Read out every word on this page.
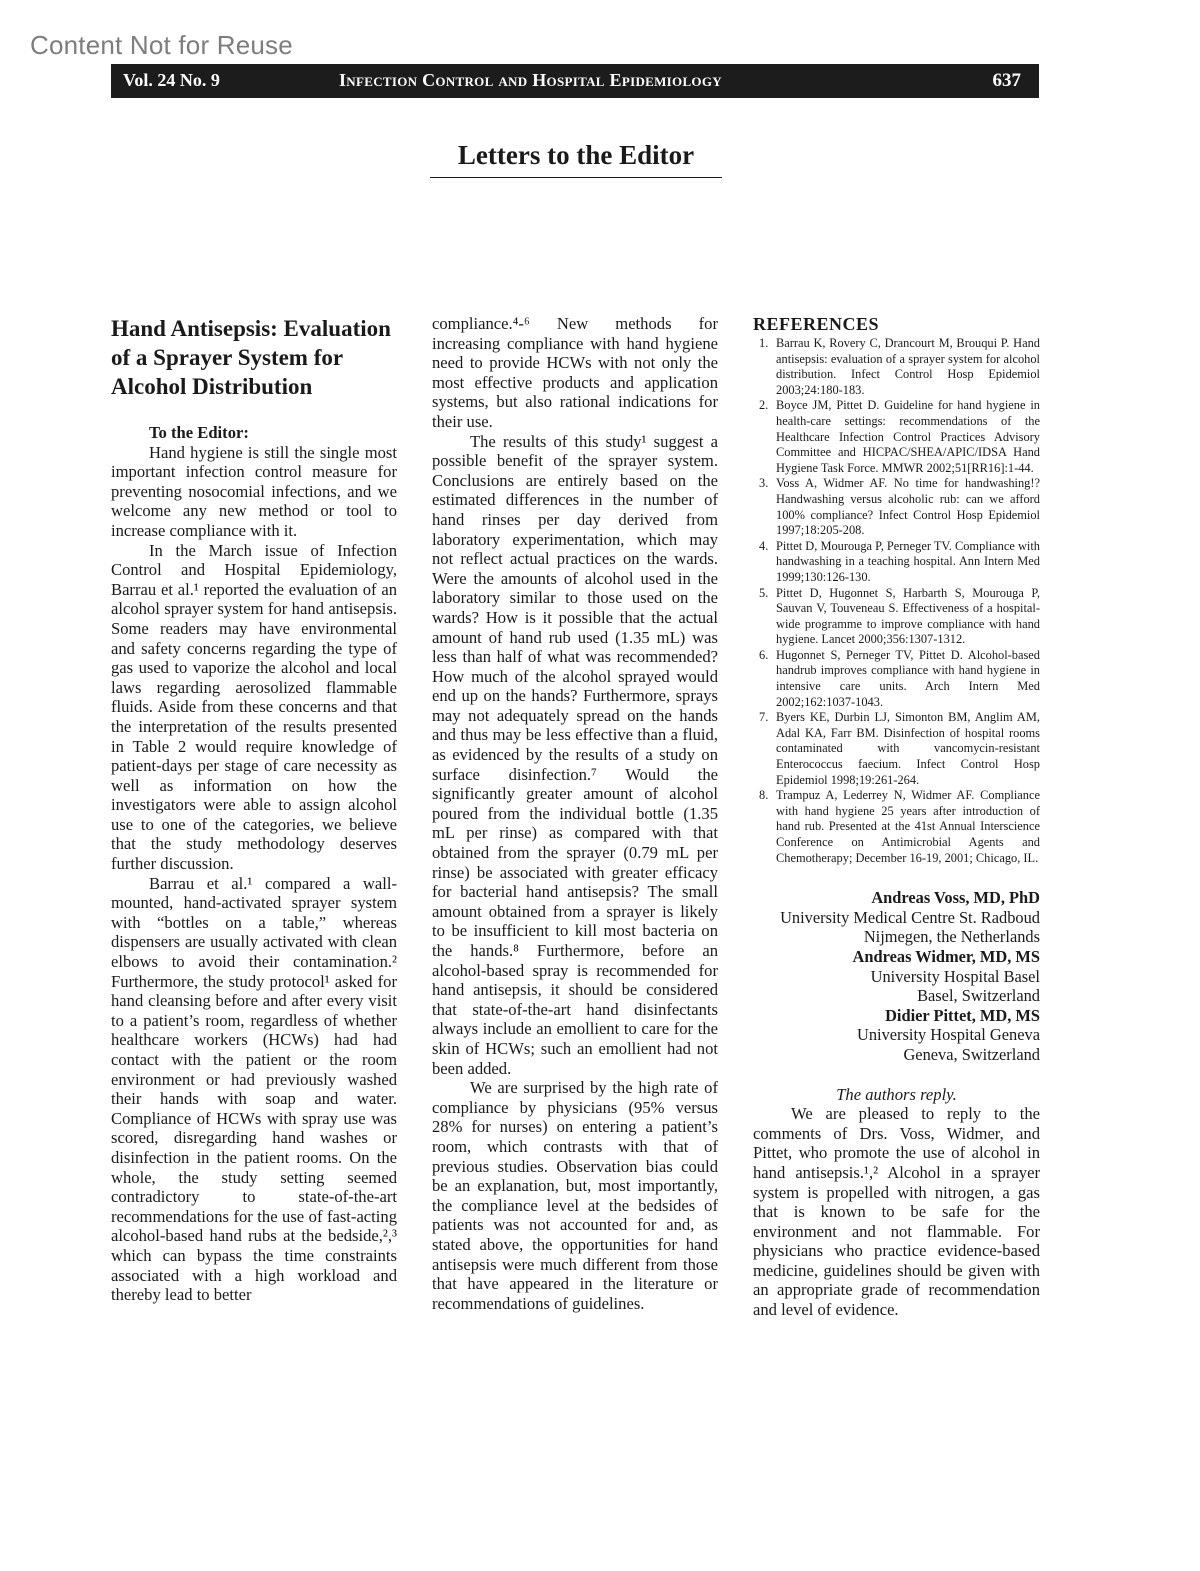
Content Not for Reuse
Vol. 24 No. 9	Infection Control and Hospital Epidemiology	637
Letters to the Editor
Hand Antisepsis: Evaluation of a Sprayer System for Alcohol Distribution

To the Editor:

Hand hygiene is still the single most important infection control measure for preventing nosocomial infections, and we welcome any new method or tool to increase compliance with it.

In the March issue of Infection Control and Hospital Epidemiology, Barrau et al.¹ reported the evaluation of an alcohol sprayer system for hand antisepsis. Some readers may have environmental and safety concerns regarding the type of gas used to vaporize the alcohol and local laws regarding aerosolized flammable fluids. Aside from these concerns and that the interpretation of the results presented in Table 2 would require knowledge of patient-days per stage of care necessity as well as information on how the investigators were able to assign alcohol use to one of the categories, we believe that the study methodology deserves further discussion.

Barrau et al.¹ compared a wall-mounted, hand-activated sprayer system with “bottles on a table,” whereas dispensers are usually activated with clean elbows to avoid their contamination.² Furthermore, the study protocol¹ asked for hand cleansing before and after every visit to a patient’s room, regardless of whether healthcare workers (HCWs) had had contact with the patient or the room environment or had previously washed their hands with soap and water. Compliance of HCWs with spray use was scored, disregarding hand washes or disinfection in the patient rooms. On the whole, the study setting seemed contradictory to state-of-the-art recommendations for the use of fast-acting alcohol-based hand rubs at the bedside,²,³ which can bypass the time constraints associated with a high workload and thereby lead to better

compliance.⁴-⁶ New methods for increasing compliance with hand hygiene need to provide HCWs with not only the most effective products and application systems, but also rational indications for their use.

The results of this study¹ suggest a possible benefit of the sprayer system. Conclusions are entirely based on the estimated differences in the number of hand rinses per day derived from laboratory experimentation, which may not reflect actual practices on the wards. Were the amounts of alcohol used in the laboratory similar to those used on the wards? How is it possible that the actual amount of hand rub used (1.35 mL) was less than half of what was recommended? How much of the alcohol sprayed would end up on the hands? Furthermore, sprays may not adequately spread on the hands and thus may be less effective than a fluid, as evidenced by the results of a study on surface disinfection.⁷ Would the significantly greater amount of alcohol poured from the individual bottle (1.35 mL per rinse) as compared with that obtained from the sprayer (0.79 mL per rinse) be associated with greater efficacy for bacterial hand antisepsis? The small amount obtained from a sprayer is likely to be insufficient to kill most bacteria on the hands.⁸ Furthermore, before an alcohol-based spray is recommended for hand antisepsis, it should be considered that state-of-the-art hand disinfectants always include an emollient to care for the skin of HCWs; such an emollient had not been added.

We are surprised by the high rate of compliance by physicians (95% versus 28% for nurses) on entering a patient’s room, which contrasts with that of previous studies. Observation bias could be an explanation, but, most importantly, the compliance level at the bedsides of patients was not accounted for and, as stated above, the opportunities for hand antisepsis were much different from those that have appeared in the literature or recommendations of guidelines.

REFERENCES
1. Barrau K, Rovery C, Drancourt M, Brouqui P. Hand antisepsis: evaluation of a sprayer system for alcohol distribution. Infect Control Hosp Epidemiol 2003;24:180-183.
2. Boyce JM, Pittet D. Guideline for hand hygiene in health-care settings: recommendations of the Healthcare Infection Control Practices Advisory Committee and HICPAC/SHEA/APIC/IDSA Hand Hygiene Task Force. MMWR 2002;51[RR16]:1-44.
3. Voss A, Widmer AF. No time for handwashing!? Handwashing versus alcoholic rub: can we afford 100% compliance? Infect Control Hosp Epidemiol 1997;18:205-208.
4. Pittet D, Mourouga P, Perneger TV. Compliance with handwashing in a teaching hospital. Ann Intern Med 1999;130:126-130.
5. Pittet D, Hugonnet S, Harbarth S, Mourouga P, Sauvan V, Touveneau S. Effectiveness of a hospital-wide programme to improve compliance with hand hygiene. Lancet 2000;356:1307-1312.
6. Hugonnet S, Perneger TV, Pittet D. Alcohol-based handrub improves compliance with hand hygiene in intensive care units. Arch Intern Med 2002;162:1037-1043.
7. Byers KE, Durbin LJ, Simonton BM, Anglim AM, Adal KA, Farr BM. Disinfection of hospital rooms contaminated with vancomycin-resistant Enterococcus faecium. Infect Control Hosp Epidemiol 1998;19:261-264.
8. Trampuz A, Lederrey N, Widmer AF. Compliance with hand hygiene 25 years after introduction of hand rub. Presented at the 41st Annual Interscience Conference on Antimicrobial Agents and Chemotherapy; December 16-19, 2001; Chicago, IL.
Andreas Voss, MD, PhD
University Medical Centre St. Radboud
Nijmegen, the Netherlands
Andreas Widmer, MD, MS
University Hospital Basel
Basel, Switzerland
Didier Pittet, MD, MS
University Hospital Geneva
Geneva, Switzerland
The authors reply.

We are pleased to reply to the comments of Drs. Voss, Widmer, and Pittet, who promote the use of alcohol in hand antisepsis.¹,² Alcohol in a sprayer system is propelled with nitrogen, a gas that is known to be safe for the environment and not flammable. For physicians who practice evidence-based medicine, guidelines should be given with an appropriate grade of recommendation and level of evidence.
